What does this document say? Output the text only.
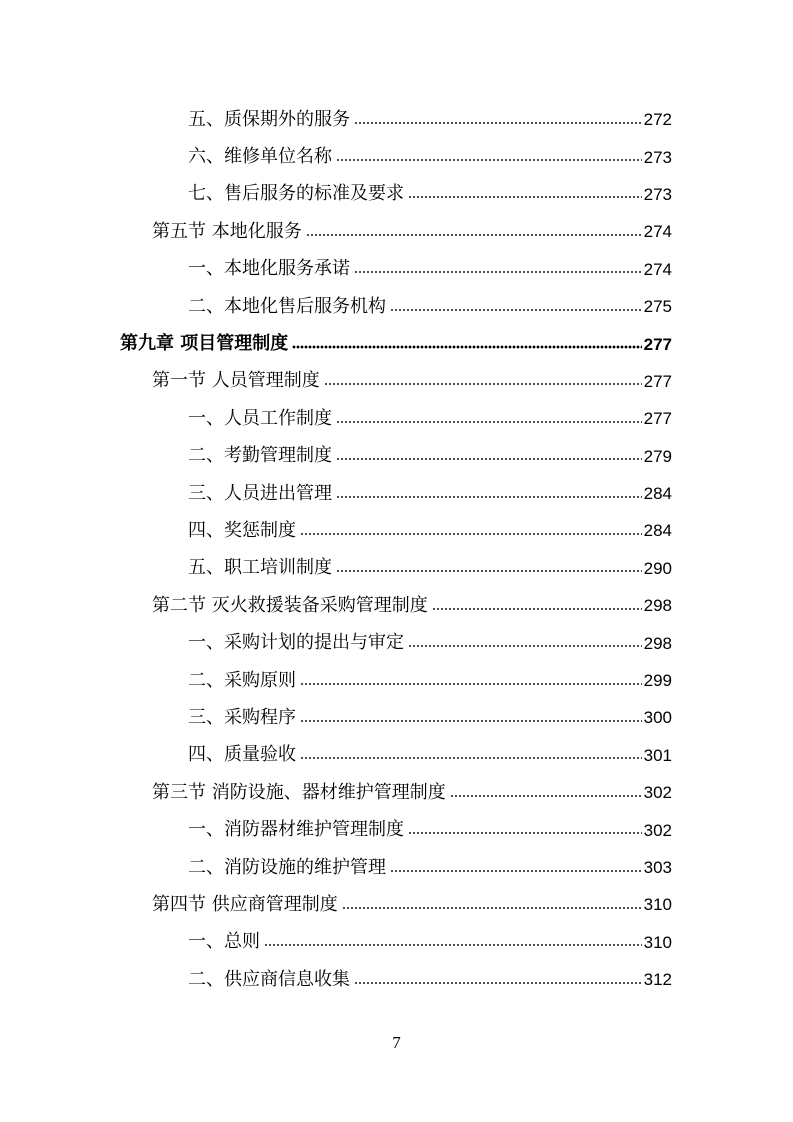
五、质保期外的服务	272
六、维修单位名称	273
七、售后服务的标准及要求	273
第五节 本地化服务	274
一、本地化服务承诺	274
二、本地化售后服务机构	275
第九章 项目管理制度	277
第一节 人员管理制度	277
一、人员工作制度	277
二、考勤管理制度	279
三、人员进出管理	284
四、奖惩制度	284
五、职工培训制度	290
第二节 灭火救援装备采购管理制度	298
一、采购计划的提出与审定	298
二、采购原则	299
三、采购程序	300
四、质量验收	301
第三节 消防设施、器材维护管理制度	302
一、消防器材维护管理制度	302
二、消防设施的维护管理	303
第四节 供应商管理制度	310
一、总则	310
二、供应商信息收集	312
7
